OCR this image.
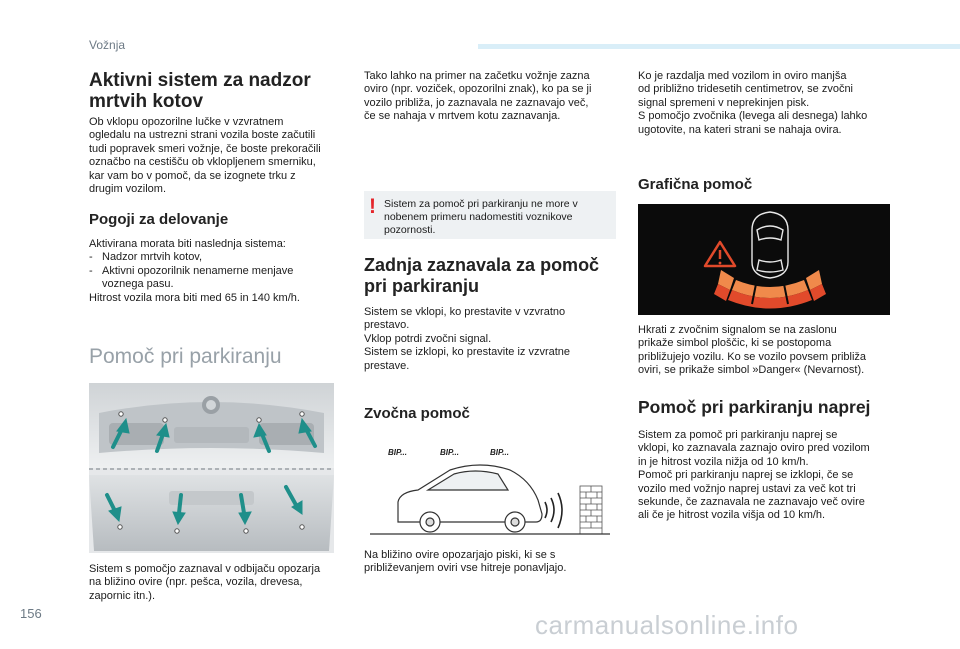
Vožnja
Aktivni sistem za nadzor
mrtvih kotov
Ob vklopu opozorilne lučke v vzvratnem
ogledalu na ustrezni strani vozila boste začutili
tudi popravek smeri vožnje, če boste prekoračili
označbo na cestišču ob vklopljenem smerniku,
kar vam bo v pomoč, da se izognete trku z
drugim vozilom.
Pogoji za delovanje
Aktivirana morata biti naslednja sistema:
- Nadzor mrtvih kotov,
- Aktivni opozorilnik nenamerne menjave
voznega pasu.
Hitrost vozila mora biti med 65 in 140 km/h.
Pomoč pri parkiranju
Sistem s pomočjo zaznaval v odbijaču opozarja
na bližino ovire (npr. pešca, vozila, drevesa,
zapornic itn.).
Tako lahko na primer na začetku vožnje zazna
oviro (npr. voziček, opozorilni znak), ko pa se ji
vozilo približa, jo zaznavala ne zaznavajo več,
če se nahaja v mrtvem kotu zaznavanja.
! Sistem za pomoč pri parkiranju ne more v
nobenem primeru nadomestiti voznikove
pozornosti.
Zadnja zaznavala za pomoč
pri parkiranju
Sistem se vklopi, ko prestavite v vzvratno
prestavo.
Vklop potrdi zvočni signal.
Sistem se izklopi, ko prestavite iz vzvratne
prestave.
Zvočna pomoč
BIP...	BIP...	BIP...
Na bližino ovire opozarjajo piski, ki se s
približevanjem oviri vse hitreje ponavljajo.
Ko je razdalja med vozilom in oviro manjša
od približno tridesetih centimetrov, se zvočni
signal spremeni v neprekinjen pisk.
S pomočjo zvočnika (levega ali desnega) lahko
ugotovite, na kateri strani se nahaja ovira.
Grafična pomoč
Hkrati z zvočnim signalom se na zaslonu
prikaže simbol ploščic, ki se postopoma
približujejo vozilu. Ko se vozilo povsem približa
oviri, se prikaže simbol »Danger« (Nevarnost).
Pomoč pri parkiranju naprej
Sistem za pomoč pri parkiranju naprej se
vklopi, ko zaznavala zaznajo oviro pred vozilom
in je hitrost vozila nižja od 10 km/h.
Pomoč pri parkiranju naprej se izklopi, če se
vozilo med vožnjo naprej ustavi za več kot tri
sekunde, če zaznavala ne zaznavajo več ovire
ali če je hitrost vozila višja od 10 km/h.
156	carmanualsonline.info
